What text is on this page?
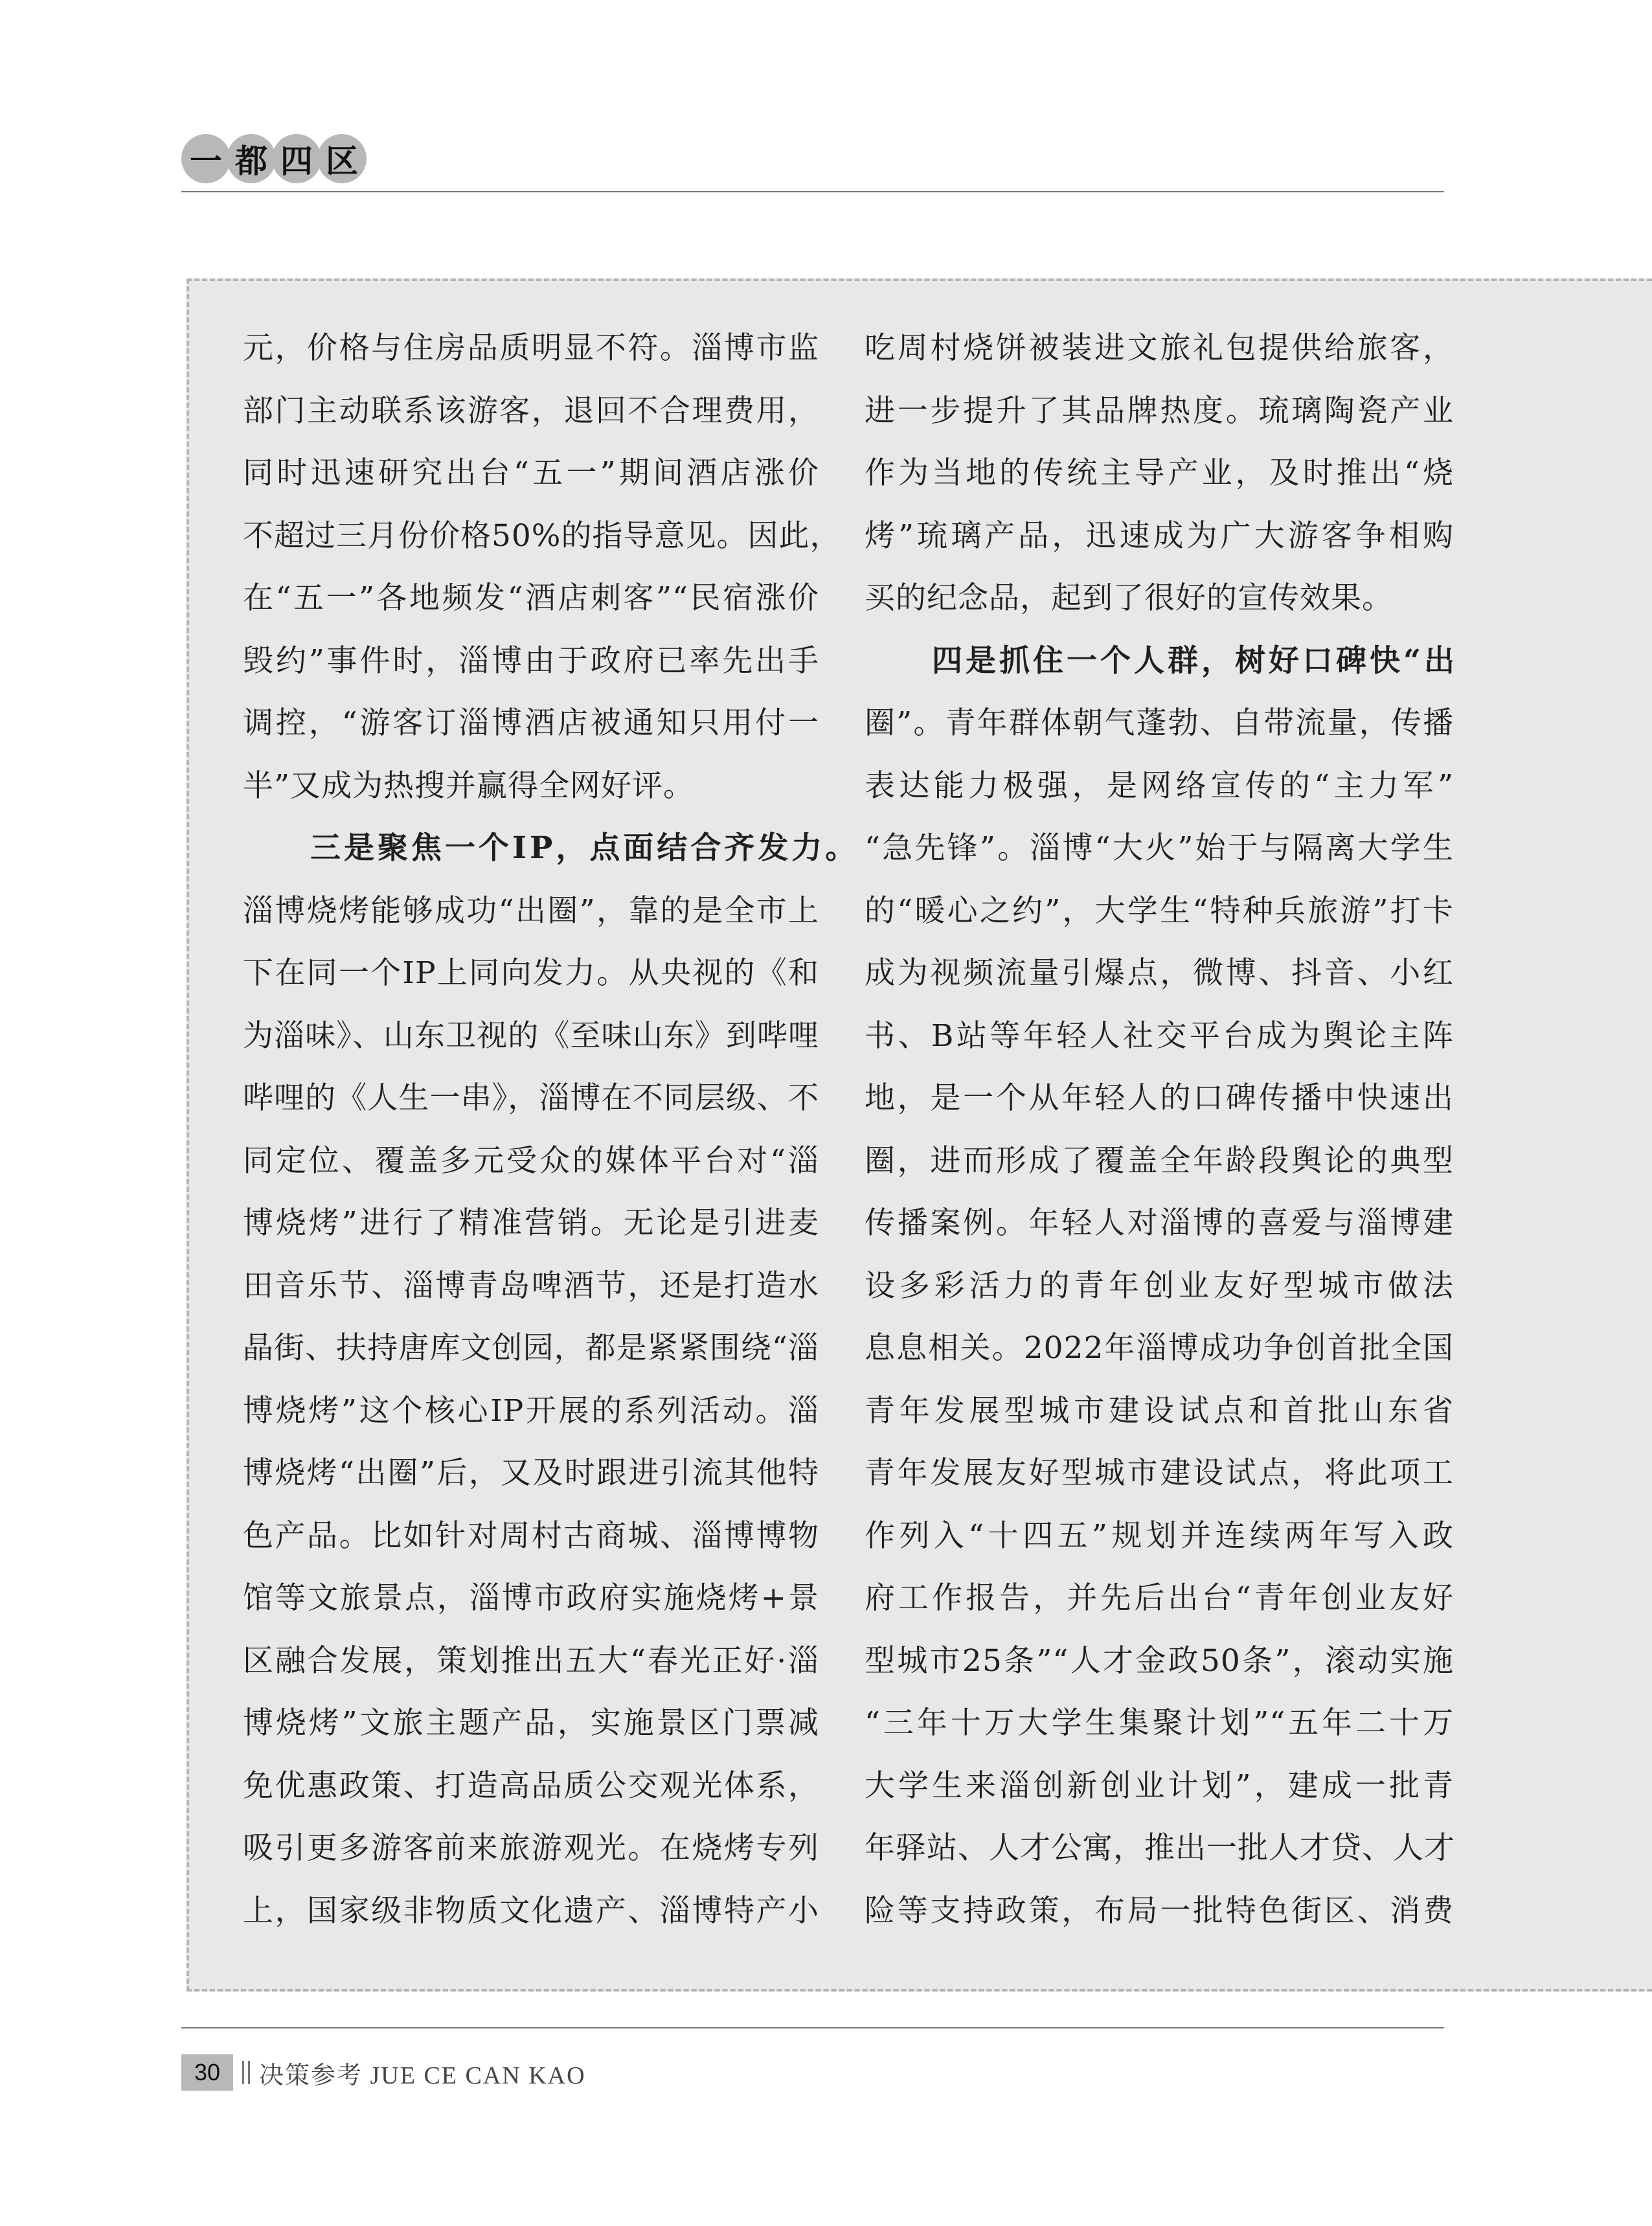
一 都 四 区
元，价格与住房品质明显不符。淄博市监
部门主动联系该游客，退回不合理费用，
同时迅速研究出台“五一”期间酒店涨价
不超过三月份价格50%的指导意见。因此，
在“五一”各地频发“酒店刺客”“民宿涨价
毁约”事件时，淄博由于政府已率先出手
调控，“游客订淄博酒店被通知只用付一
半”又成为热搜并赢得全网好评。
　　三是聚焦一个IP，点面结合齐发力。
淄博烧烤能够成功“出圈”，靠的是全市上
下在同一个IP上同向发力。从央视的《和
为淄味》、山东卫视的《至味山东》到哔哩
哔哩的《人生一串》，淄博在不同层级、不
同定位、覆盖多元受众的媒体平台对“淄
博烧烤”进行了精准营销。无论是引进麦
田音乐节、淄博青岛啤酒节，还是打造水
晶街、扶持唐库文创园，都是紧紧围绕“淄
博烧烤”这个核心IP开展的系列活动。淄
博烧烤“出圈”后，又及时跟进引流其他特
色产品。比如针对周村古商城、淄博博物
馆等文旅景点，淄博市政府实施烧烤+景
区融合发展，策划推出五大“春光正好·淄
博烧烤”文旅主题产品，实施景区门票减
免优惠政策、打造高品质公交观光体系，
吸引更多游客前来旅游观光。在烧烤专列
上，国家级非物质文化遗产、淄博特产小
吃周村烧饼被装进文旅礼包提供给旅客，
进一步提升了其品牌热度。琉璃陶瓷产业
作为当地的传统主导产业，及时推出“烧
烤”琉璃产品，迅速成为广大游客争相购
买的纪念品，起到了很好的宣传效果。
　　四是抓住一个人群，树好口碑快“出
圈”。青年群体朝气蓬勃、自带流量，传播
表达能力极强，是网络宣传的“主力军”
“急先锋”。淄博“大火”始于与隔离大学生
的“暖心之约”，大学生“特种兵旅游”打卡
成为视频流量引爆点，微博、抖音、小红
书、B站等年轻人社交平台成为舆论主阵
地，是一个从年轻人的口碑传播中快速出
圈，进而形成了覆盖全年龄段舆论的典型
传播案例。年轻人对淄博的喜爱与淄博建
设多彩活力的青年创业友好型城市做法
息息相关。2022年淄博成功争创首批全国
青年发展型城市建设试点和首批山东省
青年发展友好型城市建设试点，将此项工
作列入“十四五”规划并连续两年写入政
府工作报告，并先后出台“青年创业友好
型城市25条”“人才金政50条”，滚动实施
“三年十万大学生集聚计划”“五年二十万
大学生来淄创新创业计划”，建成一批青
年驿站、人才公寓，推出一批人才贷、人才
险等支持政策，布局一批特色街区、消费
30	决策参考 JUE CE CAN KAO
